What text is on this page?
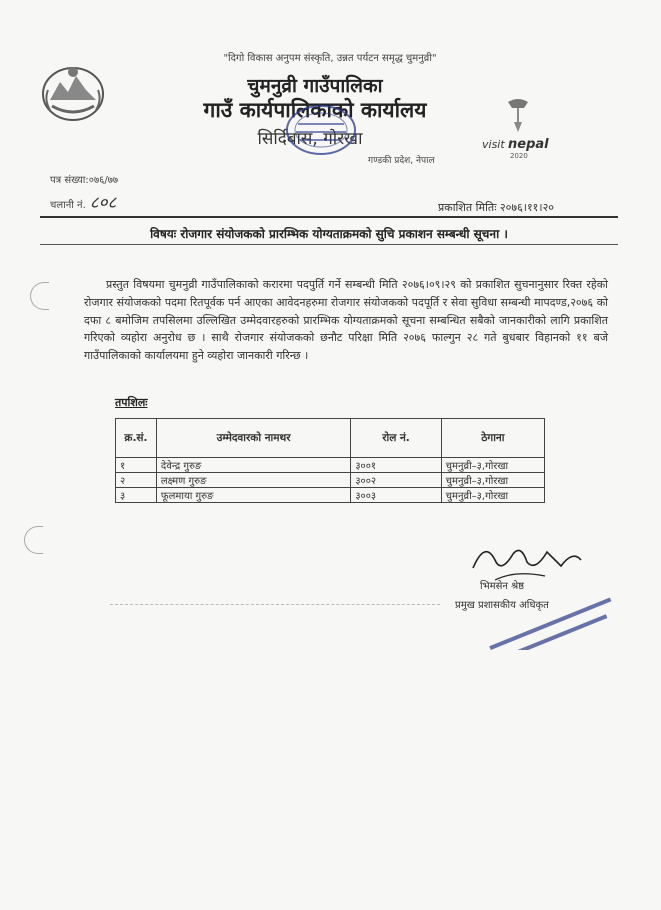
"दिगो विकास अनुपम संस्कृति, उन्नत पर्यटन समृद्ध चुमनुव्री"
चुमनुव्री गाउँपालिका
गाउँ कार्यपालिकाको कार्यालय
सिर्दिबास, गोरखा
गण्डकी प्रदेश, नेपाल
visit nepal
2020
पत्र संख्या:०७६/७७
चलानी नं. ८०८	प्रकाशित मितिः २०७६।११।२०
विषयः रोजगार संयोजकको प्रारम्भिक योग्यताक्रमको सुचि प्रकाशन सम्बन्धी सूचना ।
प्रस्तुत विषयमा चुमनुव्री गाउँपालिकाको करारमा पदपुर्ति गर्ने सम्बन्धी मिति २०७६।०९।२९ को प्रकाशित सुचनानुसार रिक्त रहेको रोजगार संयोजकको पदमा रितपूर्वक पर्न आएका आवेदनहरुमा रोजगार संयोजकको पदपूर्ति र सेवा सुविधा सम्बन्धी मापदण्ड,२०७६ को दफा ८ बमोजिम तपसिलमा उल्लिखित उम्मेदवारहरुको प्रारम्भिक योग्यताक्रमको सूचना सम्बन्धित सबैको जानकारीको लागि प्रकाशित गरिएको व्यहोरा अनुरोध छ । साथै रोजगार संयोजकको छनौट परिक्षा मिति २०७६ फाल्गुन २८ गते बुधबार विहानको ११ बजे गाउँपालिकाको कार्यालयमा हुने व्यहोरा जानकारी गरिन्छ ।
तपशिलः
क्र.सं.	उम्मेदवारको नामथर	रोल नं.	ठेगाना
१	देवेन्द्र गुरुङ	३००१	चुमनुव्री–३,गोरखा
२	लक्ष्मण गुरुङ	३००२	चुमनुव्री–३,गोरखा
३	फूलमाया गुरुङ	३००३	चुमनुव्री–३,गोरखा
भिमसेन श्रेष्ठ
प्रमुख प्रशासकीय अधिकृत
